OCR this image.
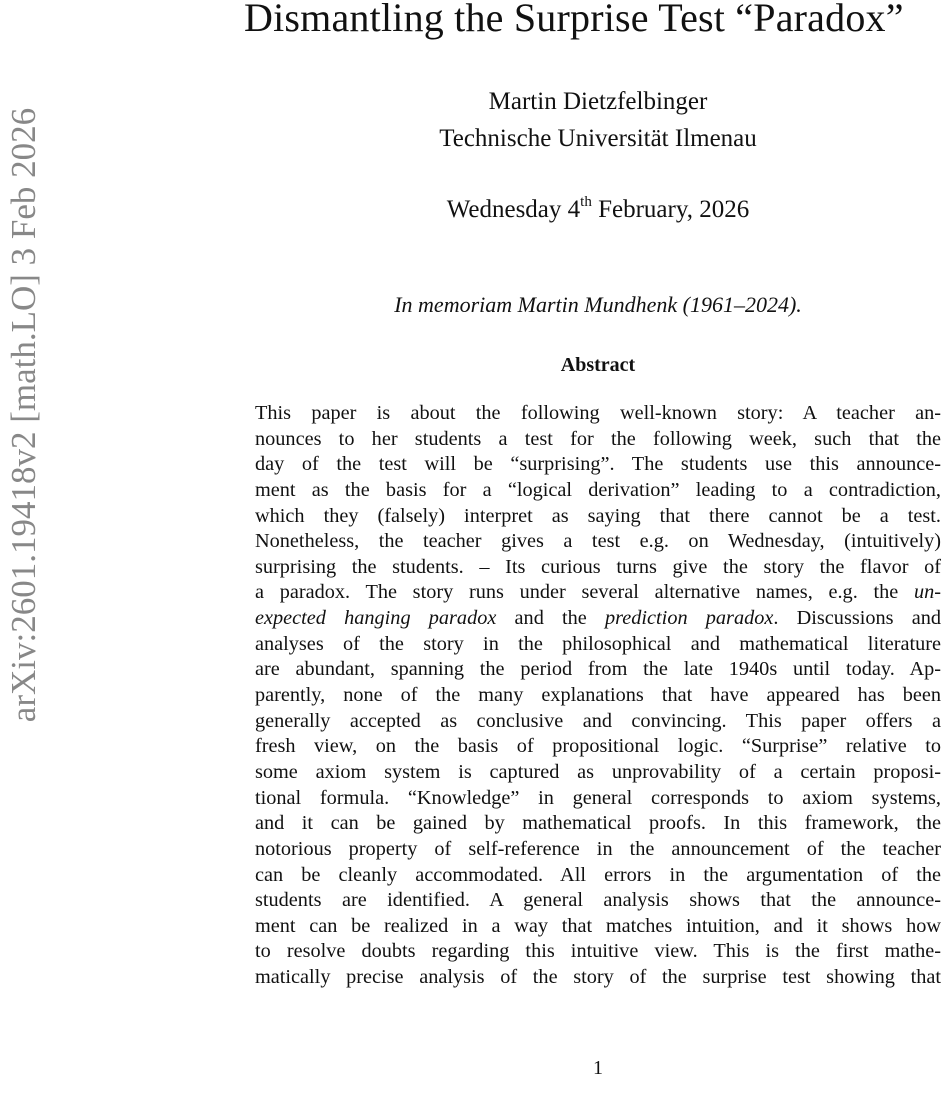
arXiv:2601.19418v2 [math.LO] 3 Feb 2026
Dismantling the Surprise Test “Paradox”
Martin Dietzfelbinger
Technische Universität Ilmenau
Wednesday 4th February, 2026
In memoriam Martin Mundhenk (1961–2024).
Abstract
This paper is about the following well-known story: A teacher an-
nounces to her students a test for the following week, such that the
day of the test will be “surprising”. The students use this announce-
ment as the basis for a “logical derivation” leading to a contradiction,
which they (falsely) interpret as saying that there cannot be a test.
Nonetheless, the teacher gives a test e.g. on Wednesday, (intuitively)
surprising the students. – Its curious turns give the story the flavor of
a paradox. The story runs under several alternative names, e.g. the un-
expected hanging paradox and the prediction paradox. Discussions and
analyses of the story in the philosophical and mathematical literature
are abundant, spanning the period from the late 1940s until today. Ap-
parently, none of the many explanations that have appeared has been
generally accepted as conclusive and convincing. This paper offers a
fresh view, on the basis of propositional logic. “Surprise” relative to
some axiom system is captured as unprovability of a certain proposi-
tional formula. “Knowledge” in general corresponds to axiom systems,
and it can be gained by mathematical proofs. In this framework, the
notorious property of self-reference in the announcement of the teacher
can be cleanly accommodated. All errors in the argumentation of the
students are identified. A general analysis shows that the announce-
ment can be realized in a way that matches intuition, and it shows how
to resolve doubts regarding this intuitive view. This is the first mathe-
matically precise analysis of the story of the surprise test showing that
1
